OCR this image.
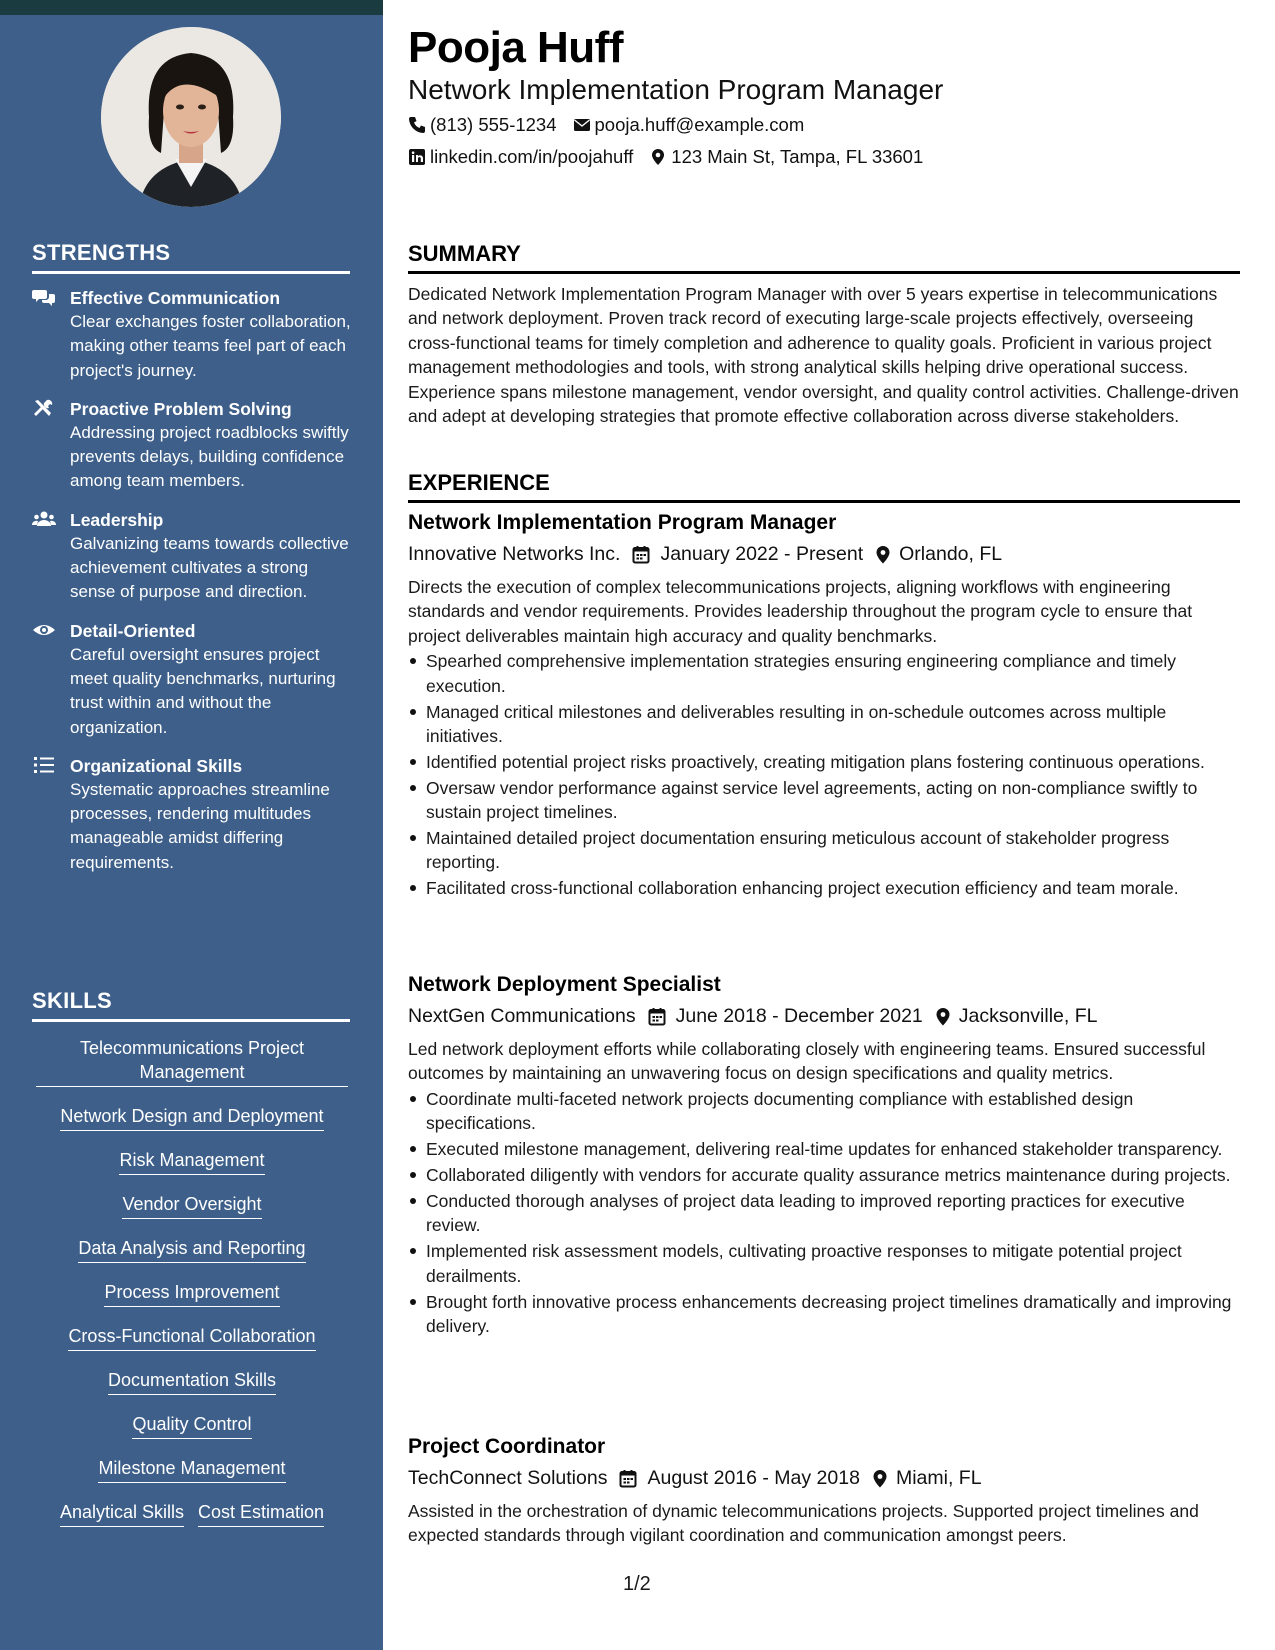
STRENGTHS
Effective Communication
Clear exchanges foster collaboration, making other teams feel part of each project's journey.
Proactive Problem Solving
Addressing project roadblocks swiftly prevents delays, building confidence among team members.
Leadership
Galvanizing teams towards collective achievement cultivates a strong sense of purpose and direction.
Detail-Oriented
Careful oversight ensures project meet quality benchmarks, nurturing trust within and without the organization.
Organizational Skills
Systematic approaches streamline processes, rendering multitudes manageable amidst differing requirements.
SKILLS
Telecommunications Project Management
Network Design and Deployment
Risk Management
Vendor Oversight
Data Analysis and Reporting
Process Improvement
Cross-Functional Collaboration
Documentation Skills
Quality Control
Milestone Management
Analytical Skills Cost Estimation
Pooja Huff
Network Implementation Program Manager
(813) 555-1234 pooja.huff@example.com
linkedin.com/in/poojahuff 123 Main St, Tampa, FL 33601
SUMMARY
Dedicated Network Implementation Program Manager with over 5 years expertise in telecommunications and network deployment. Proven track record of executing large-scale projects effectively, overseeing cross-functional teams for timely completion and adherence to quality goals. Proficient in various project management methodologies and tools, with strong analytical skills helping drive operational success. Experience spans milestone management, vendor oversight, and quality control activities. Challenge-driven and adept at developing strategies that promote effective collaboration across diverse stakeholders.
EXPERIENCE
Network Implementation Program Manager
Innovative Networks Inc. January 2022 - Present Orlando, FL
Directs the execution of complex telecommunications projects, aligning workflows with engineering standards and vendor requirements. Provides leadership throughout the program cycle to ensure that project deliverables maintain high accuracy and quality benchmarks.
Spearhed comprehensive implementation strategies ensuring engineering compliance and timely execution.
Managed critical milestones and deliverables resulting in on-schedule outcomes across multiple initiatives.
Identified potential project risks proactively, creating mitigation plans fostering continuous operations.
Oversaw vendor performance against service level agreements, acting on non-compliance swiftly to sustain project timelines.
Maintained detailed project documentation ensuring meticulous account of stakeholder progress reporting.
Facilitated cross-functional collaboration enhancing project execution efficiency and team morale.
Network Deployment Specialist
NextGen Communications June 2018 - December 2021 Jacksonville, FL
Led network deployment efforts while collaborating closely with engineering teams. Ensured successful outcomes by maintaining an unwavering focus on design specifications and quality metrics.
Coordinate multi-faceted network projects documenting compliance with established design specifications.
Executed milestone management, delivering real-time updates for enhanced stakeholder transparency.
Collaborated diligently with vendors for accurate quality assurance metrics maintenance during projects.
Conducted thorough analyses of project data leading to improved reporting practices for executive review.
Implemented risk assessment models, cultivating proactive responses to mitigate potential project derailments.
Brought forth innovative process enhancements decreasing project timelines dramatically and improving delivery.
Project Coordinator
TechConnect Solutions August 2016 - May 2018 Miami, FL
Assisted in the orchestration of dynamic telecommunications projects. Supported project timelines and expected standards through vigilant coordination and communication amongst peers.
1/2
